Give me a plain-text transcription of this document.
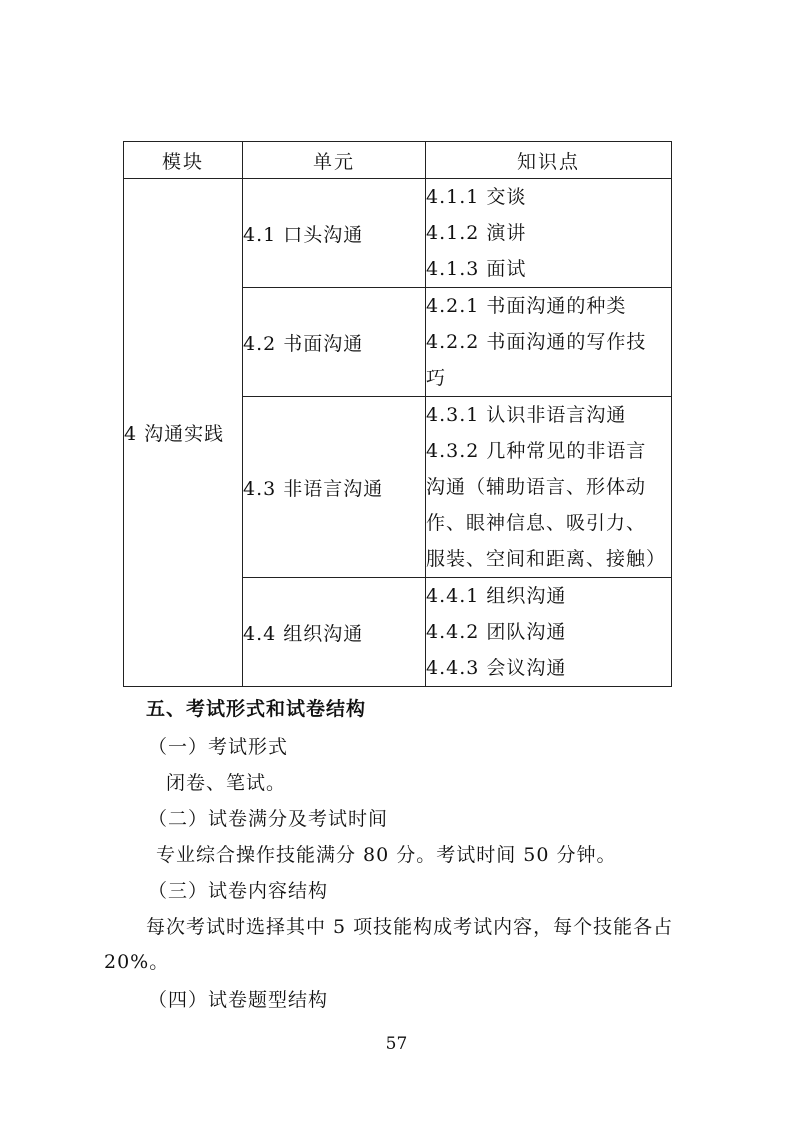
模块	单元	知识点
4 沟通实践	4.1 口头沟通	4.1.1 交谈
4.1.2 演讲
4.1.3 面试

	4.2 书面沟通	4.2.1 书面沟通的种类
4.2.2 书面沟通的写作技
巧

	4.3 非语言沟通	4.3.1 认识非语言沟通
4.3.2 几种常见的非语言
沟通（辅助语言、形体动
作、眼神信息、吸引力、
服装、空间和距离、接触）

	4.4 组织沟通	4.4.1 组织沟通
4.4.2 团队沟通
4.4.3 会议沟通
五、考试形式和试卷结构
（一）考试形式
闭卷、笔试。
（二）试卷满分及考试时间
专业综合操作技能满分 80 分。考试时间 50 分钟。
（三）试卷内容结构
每次考试时选择其中 5 项技能构成考试内容，每个技能各占
20%。
（四）试卷题型结构
57
